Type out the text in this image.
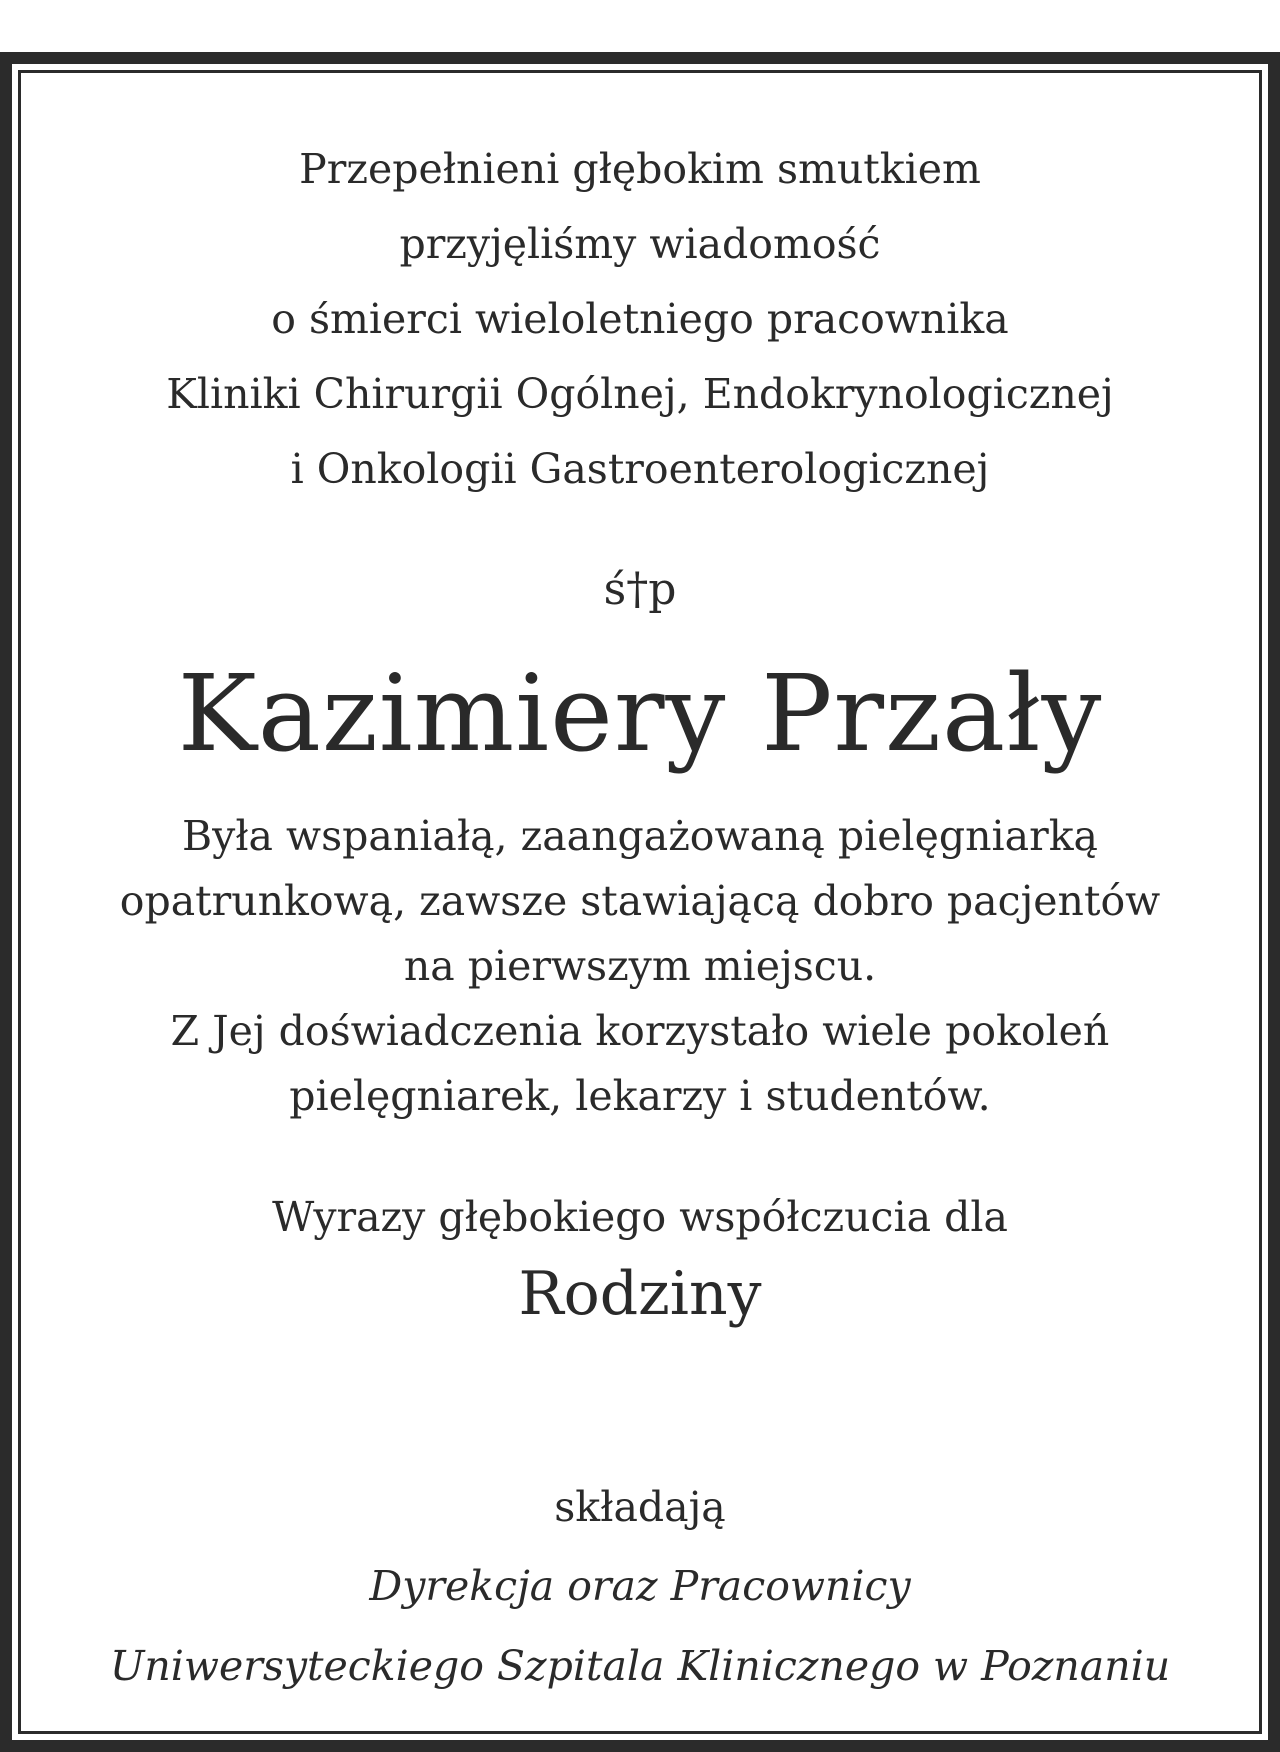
Przepełnieni głębokim smutkiem
przyjęliśmy wiadomość
o śmierci wieloletniego pracownika
Kliniki Chirurgii Ogólnej, Endokrynologicznej
i Onkologii Gastroenterologicznej
ś†p
Kazimiery Przały
Była wspaniałą, zaangażowaną pielęgniarką
opatrunkową, zawsze stawiającą dobro pacjentów
na pierwszym miejscu.
Z Jej doświadczenia korzystało wiele pokoleń
pielęgniarek, lekarzy i studentów.
Wyrazy głębokiego współczucia dla
Rodziny
składają
Dyrekcja oraz Pracownicy
Uniwersyteckiego Szpitala Klinicznego w Poznaniu
